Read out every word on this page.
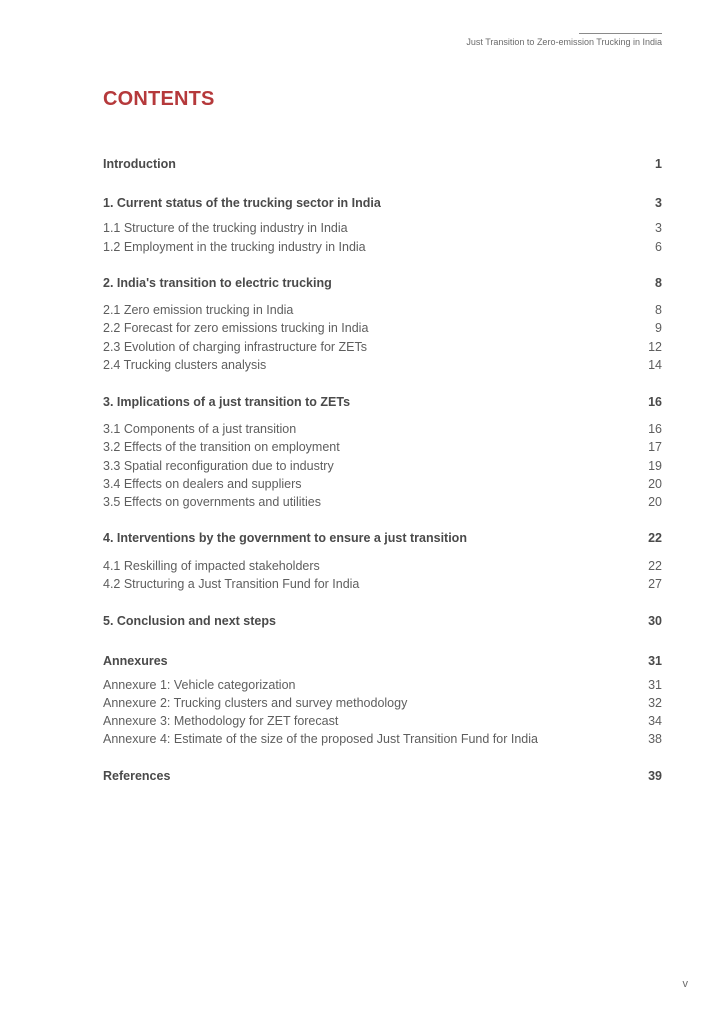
Just Transition to Zero-emission Trucking in India
CONTENTS
Introduction	1
1. Current status of the trucking sector in India	3
1.1 Structure of the trucking industry in India	3
1.2 Employment in the trucking industry in India	6
2. India's transition to electric trucking	8
2.1 Zero emission trucking in India	8
2.2 Forecast for zero emissions trucking in India	9
2.3 Evolution of charging infrastructure for ZETs	12
2.4 Trucking clusters analysis	14
3. Implications of a just transition to ZETs	16
3.1 Components of a just transition	16
3.2 Effects of the transition on employment	17
3.3 Spatial reconfiguration due to industry	19
3.4 Effects on dealers and suppliers	20
3.5 Effects on governments and utilities	20
4. Interventions by the government to ensure a just transition	22
4.1 Reskilling of impacted stakeholders	22
4.2 Structuring a Just Transition Fund for India	27
5. Conclusion and next steps	30
Annexures	31
Annexure 1: Vehicle categorization	31
Annexure 2: Trucking clusters and survey methodology	32
Annexure 3: Methodology for ZET forecast	34
Annexure 4: Estimate of the size of the proposed Just Transition Fund for India	38
References	39
v
